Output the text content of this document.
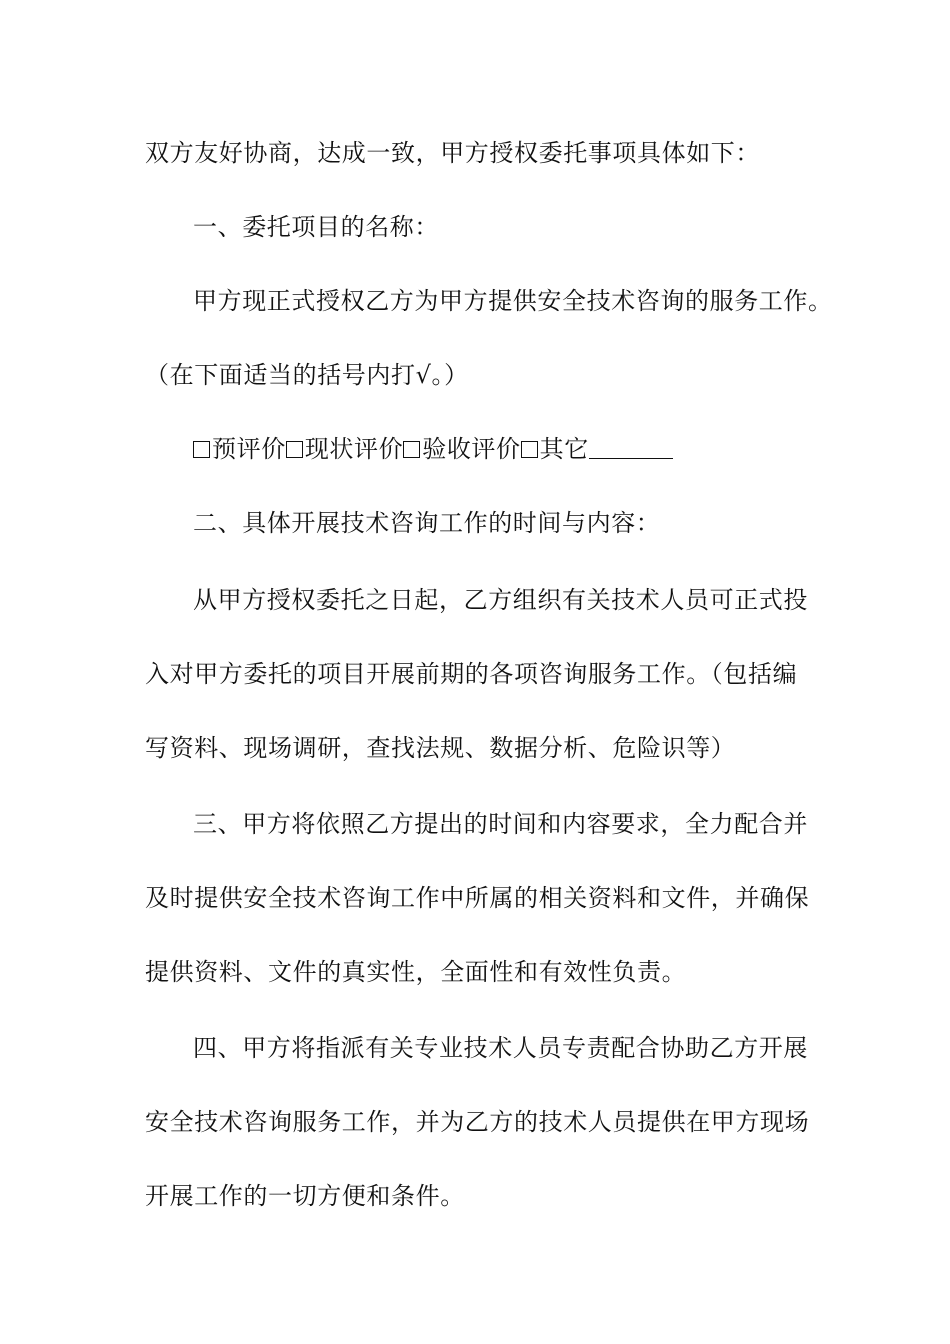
双方友好协商，达成一致，甲方授权委托事项具体如下：
一、委托项目的名称：
甲方现正式授权乙方为甲方提供安全技术咨询的服务工作。
（在下面适当的括号内打√。）
预评价 现状评价 验收评价 其它
二、具体开展技术咨询工作的时间与内容：
从甲方授权委托之日起，乙方组织有关技术人员可正式投
入对甲方委托的项目开展前期的各项咨询服务工作。（包括编
写资料、现场调研，查找法规、数据分析、危险识等）
三、甲方将依照乙方提出的时间和内容要求，全力配合并
及时提供安全技术咨询工作中所属的相关资料和文件，并确保
提供资料、文件的真实性，全面性和有效性负责。
四、甲方将指派有关专业技术人员专责配合协助乙方开展
安全技术咨询服务工作，并为乙方的技术人员提供在甲方现场
开展工作的一切方便和条件。
